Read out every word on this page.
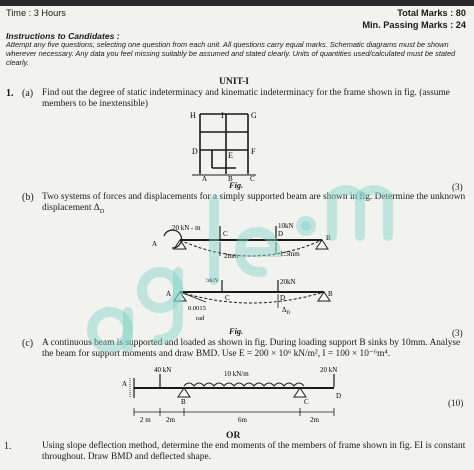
Time : 3 Hours	Total Marks : 80
Min. Passing Marks : 24
Instructions to Candidates :
Attempt any five questions, selecting one question from each unit. All questions carry equal marks. Schematic diagrams must be shown wherever necessary. Any data you feel missing suitably be assumed and stated clearly. Units of quantities used/calculated must be stated clearly.
UNIT-I
1. (a) Find out the degree of static indeterminacy and kinematic indeterminacy for the frame shown in fig. (assume members to be inextensible)
H	I	G
D	E F
A	B C
Fig.	(3)
(b) Two systems of forces and displacements for a simply supported beam are shown in fig. Determine the unknown
displacement $\Delta_D$
20 kN - m	10kN
C	D
A
B
2mm	1.5mm
5kN	20kN
C	D
A	B
0.0015
rad
$\Delta_D$
Fig.	(3)
(c) A continuous beam is supported and loaded as shown in fig. During loading support B sinks by 10mm. Analyse the beam for support moments and draw BMD. Use E = 200 × 10⁶ kN/m², I = 100 × 10⁻⁶m⁴.
40 kN	10 kN/m	20 kN
A
B	C
D
2 m 2m	6m	2m
(10)
OR
1.	Using slope deflection method, determine the end moments of the members of frame shown in fig. EI is constant throughout. Draw BMD and deflected shape.
